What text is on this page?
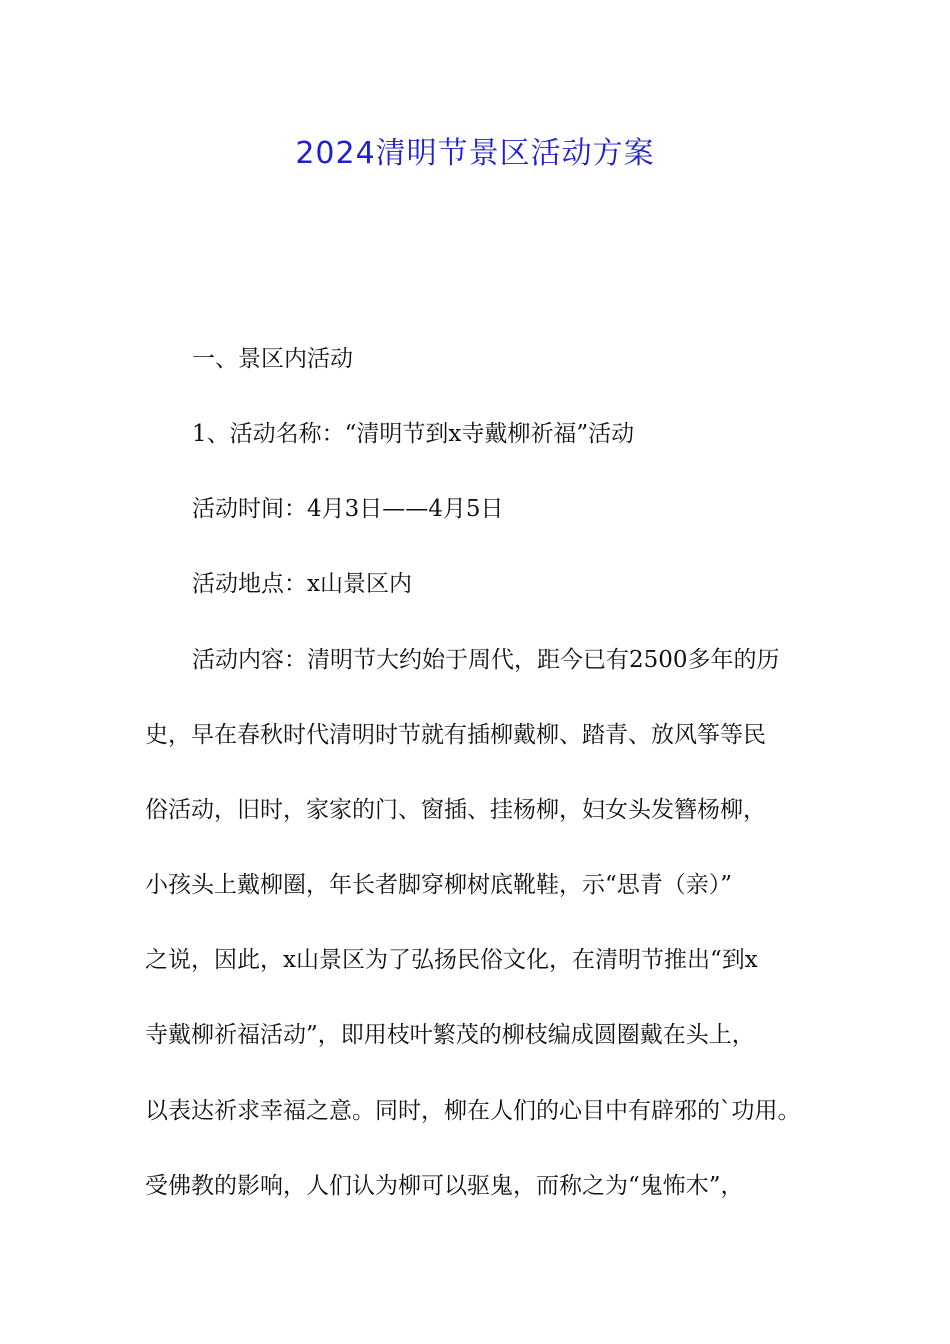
2024清明节景区活动方案

一、景区内活动

1、活动名称：“清明节到x寺戴柳祈福”活动

活动时间：4月3日——4月5日

活动地点：x山景区内

活动内容：清明节大约始于周代，距今已有2500多年的历

史，早在春秋时代清明时节就有插柳戴柳、踏青、放风筝等民

俗活动，旧时，家家的门、窗插、挂杨柳，妇女头发簪杨柳，

小孩头上戴柳圈，年长者脚穿柳树底靴鞋，示“思青（亲）”

之说，因此，x山景区为了弘扬民俗文化，在清明节推出“到x

寺戴柳祈福活动”，即用枝叶繁茂的柳枝编成圆圈戴在头上，

以表达祈求幸福之意。同时，柳在人们的心目中有辟邪的`功用。

受佛教的影响，人们认为柳可以驱鬼，而称之为“鬼怖木”，
